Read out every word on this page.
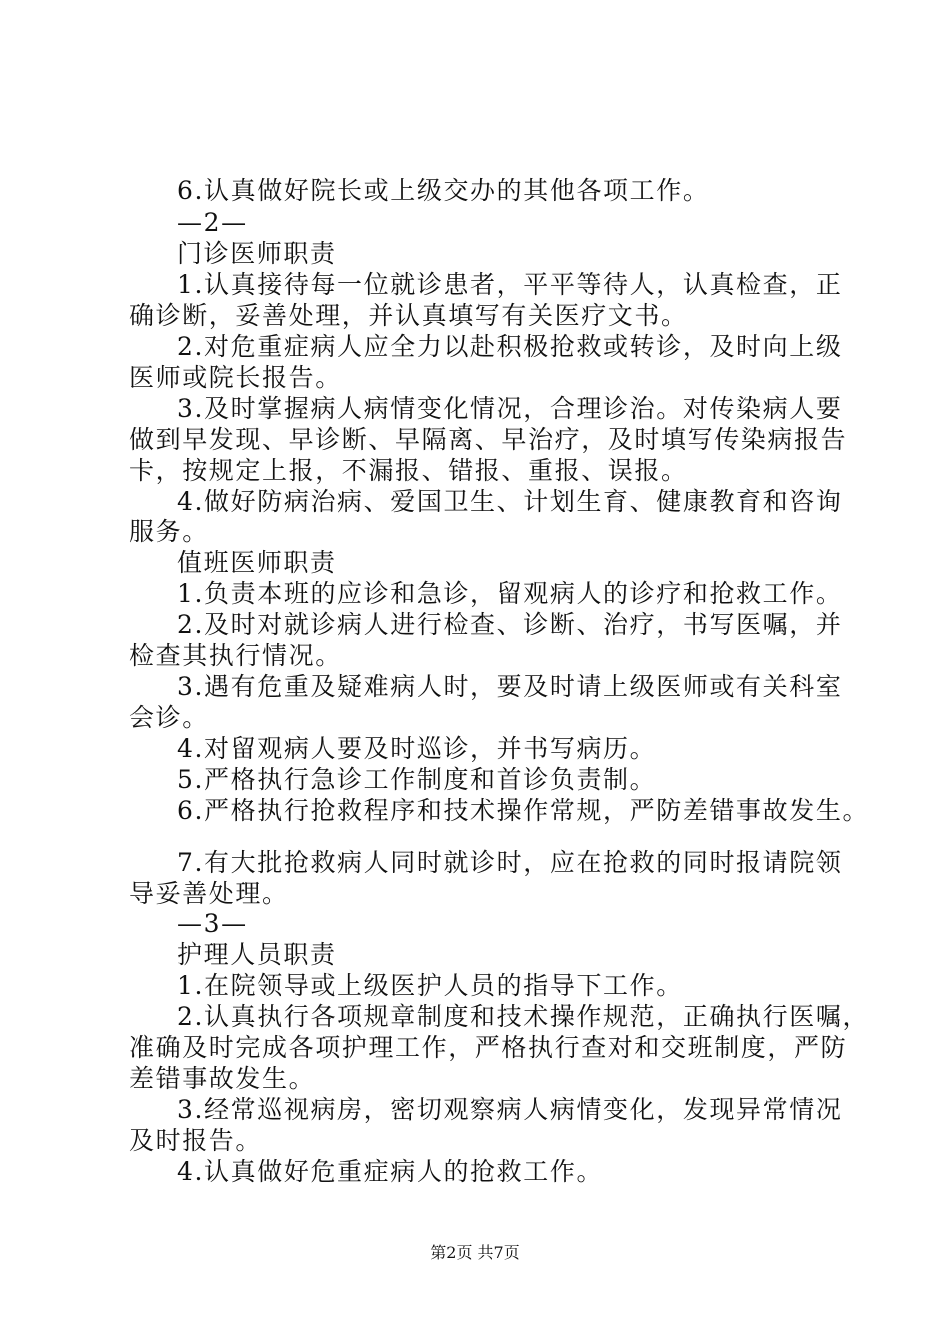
6.认真做好院长或上级交办的其他各项工作。
—2—
门诊医师职责
1.认真接待每一位就诊患者，平平等待人，认真检查，正
确诊断，妥善处理，并认真填写有关医疗文书。
2.对危重症病人应全力以赴积极抢救或转诊，及时向上级
医师或院长报告。
3.及时掌握病人病情变化情况，合理诊治。对传染病人要
做到早发现、早诊断、早隔离、早治疗，及时填写传染病报告
卡，按规定上报，不漏报、错报、重报、误报。
4.做好防病治病、爱国卫生、计划生育、健康教育和咨询
服务。
值班医师职责
1.负责本班的应诊和急诊，留观病人的诊疗和抢救工作。
2.及时对就诊病人进行检查、诊断、治疗，书写医嘱，并
检查其执行情况。
3.遇有危重及疑难病人时，要及时请上级医师或有关科室
会诊。
4.对留观病人要及时巡诊，并书写病历。
5.严格执行急诊工作制度和首诊负责制。
6.严格执行抢救程序和技术操作常规，严防差错事故发生。
7.有大批抢救病人同时就诊时，应在抢救的同时报请院领
导妥善处理。
—3—
护理人员职责
1.在院领导或上级医护人员的指导下工作。
2.认真执行各项规章制度和技术操作规范，正确执行医嘱，
准确及时完成各项护理工作，严格执行查对和交班制度，严防
差错事故发生。
3.经常巡视病房，密切观察病人病情变化，发现异常情况
及时报告。
4.认真做好危重症病人的抢救工作。
第2页 共7页
